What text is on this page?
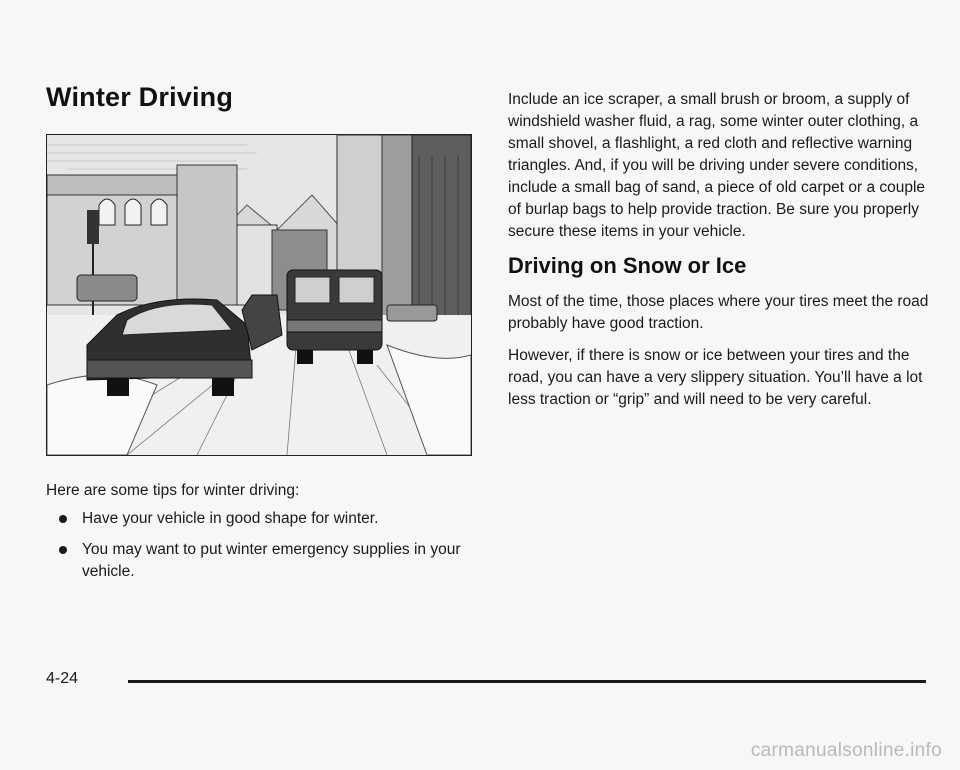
Winter Driving

Here are some tips for winter driving:

Have your vehicle in good shape for winter.
You may want to put winter emergency supplies in your vehicle.

Include an ice scraper, a small brush or broom, a supply of windshield washer fluid, a rag, some winter outer clothing, a small shovel, a flashlight, a red cloth and reflective warning triangles. And, if you will be driving under severe conditions, include a small bag of sand, a piece of old carpet or a couple of burlap bags to help provide traction. Be sure you properly secure these items in your vehicle.

Driving on Snow or Ice

Most of the time, those places where your tires meet the road probably have good traction.

However, if there is snow or ice between your tires and the road, you can have a very slippery situation. You’ll have a lot less traction or “grip” and will need to be very careful.

4-24
carmanualsonline.info
